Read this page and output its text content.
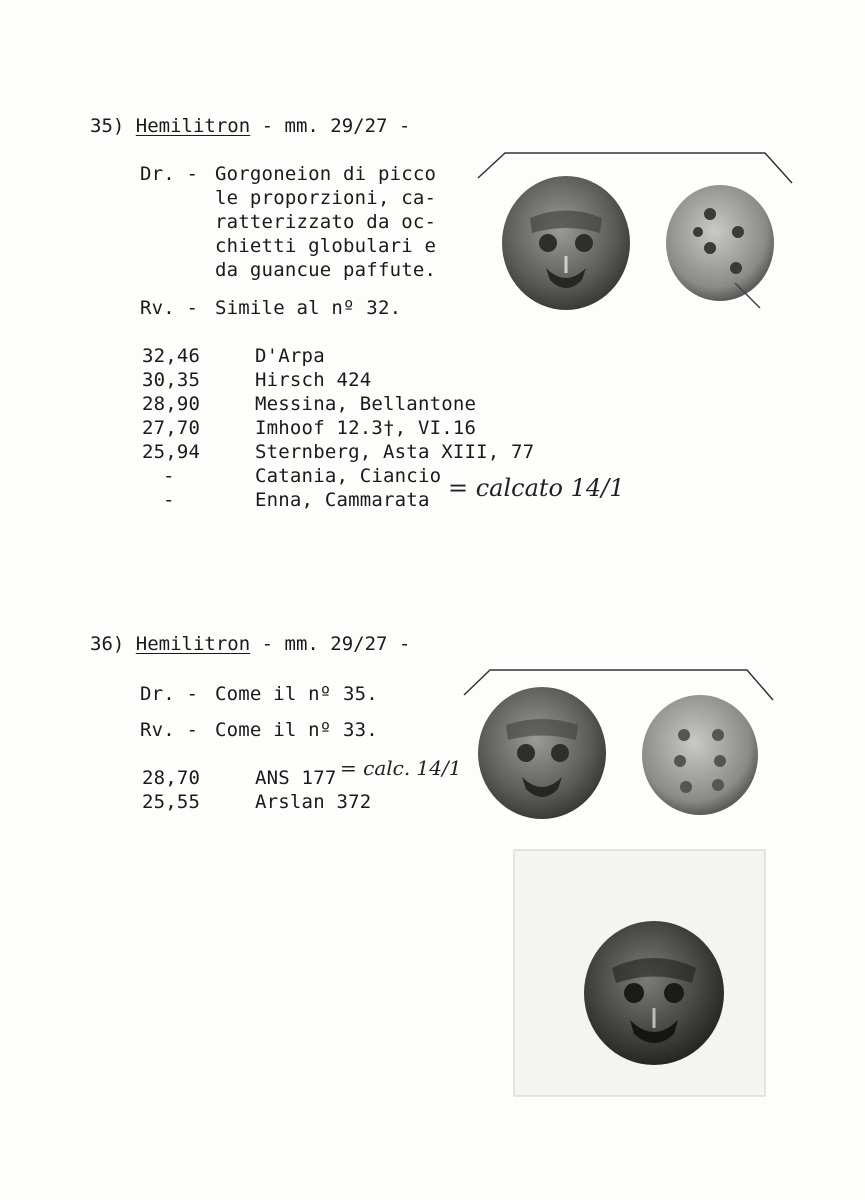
35) Hemilitron - mm. 29/27 -
Dr. - Gorgoneion di picco
le proporzioni, ca-
ratterizzato da oc-
chietti globulari e
da guancue paffute.
Rv. - Simile al nº 32.
32,46	D'Arpa
30,35	Hirsch 424
28,90	Messina, Bellantone
27,70	Imhoof 12.3†, VI.16
25,94	Sternberg, Asta XIII, 77
-	Catania, Ciancio
-	Enna, Cammarata = calcato 14/1
36) Hemilitron - mm. 29/27 -
Dr. - Come il nº 35.
Rv. - Come il nº 33.
28,70	ANS 177
25,55	Arslan 372
= calc. 14/1
